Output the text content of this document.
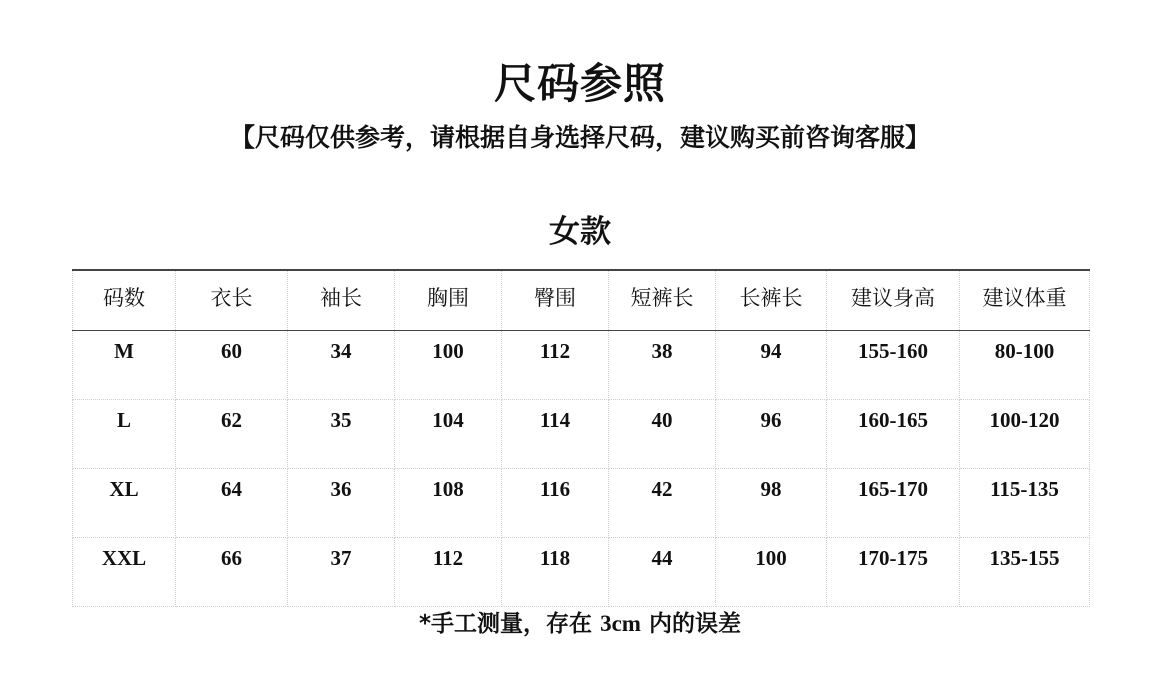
尺码参照
【尺码仅供参考，请根据自身选择尺码，建议购买前咨询客服】
女款
码数	衣长	袖长	胸围	臀围	短裤长	长裤长	建议身高	建议体重
M	60	34	100	112	38	94	155-160	80-100
L	62	35	104	114	40	96	160-165	100-120
XL	64	36	108	116	42	98	165-170	115-135
XXL	66	37	112	118	44	100	170-175	135-155
*手工测量，存在 3cm 内的误差
